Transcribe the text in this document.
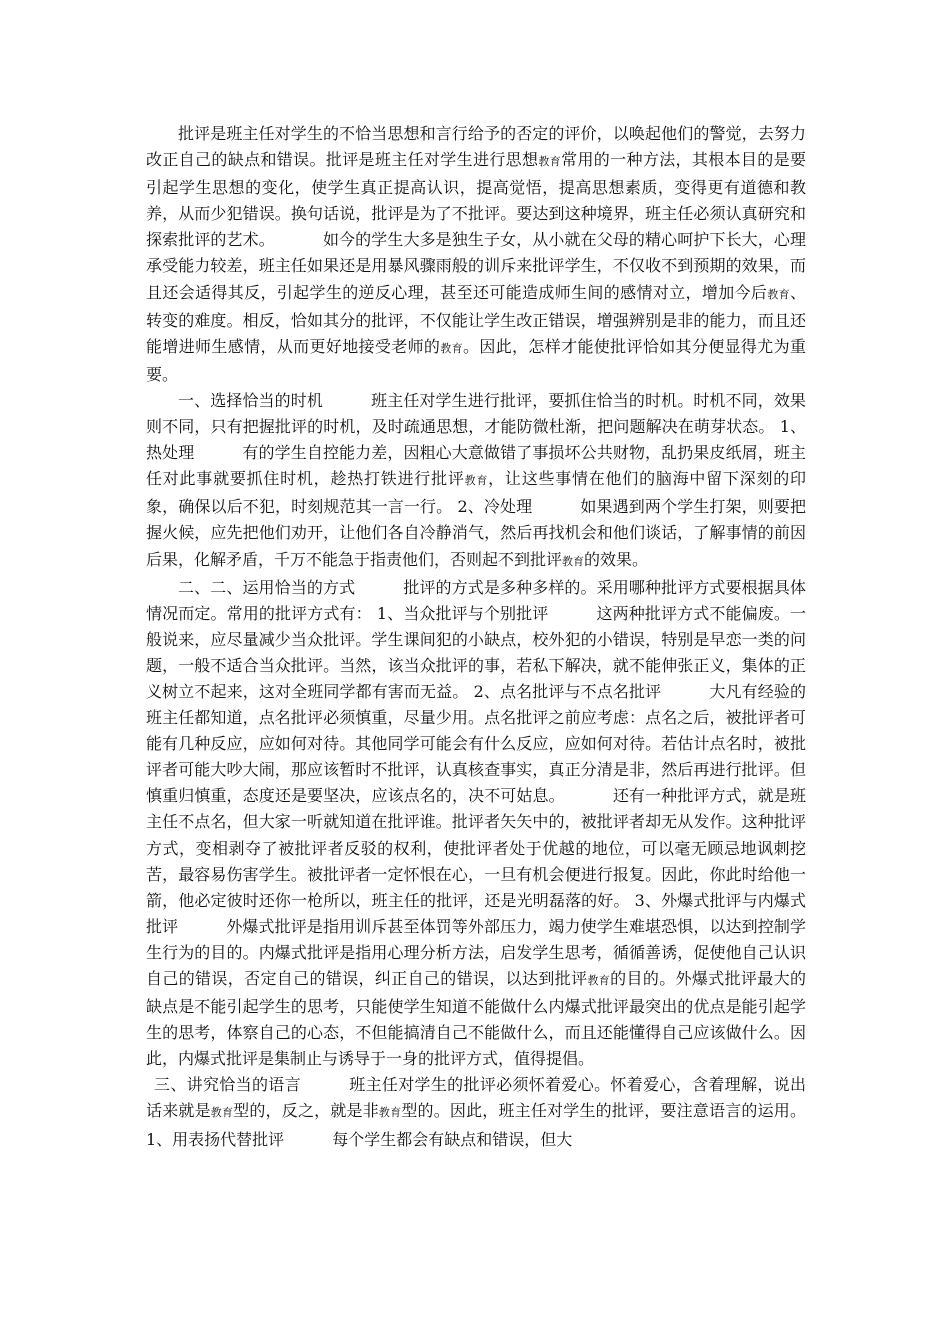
批评是班主任对学生的不恰当思想和言行给予的否定的评价，以唤起他们的警觉，去努力改正自己的缺点和错误。批评是班主任对学生进行思想教育常用的一种方法，其根本目的是要引起学生思想的变化，使学生真正提高认识，提高觉悟，提高思想素质，变得更有道德和教养，从而少犯错误。换句话说，批评是为了不批评。要达到这种境界，班主任必须认真研究和探索批评的艺术。	如今的学生大多是独生子女，从小就在父母的精心呵护下长大，心理承受能力较差，班主任如果还是用暴风骤雨般的训斥来批评学生，不仅收不到预期的效果，而且还会适得其反，引起学生的逆反心理，甚至还可能造成师生间的感情对立，增加今后教育、转变的难度。相反，恰如其分的批评，不仅能让学生改正错误，增强辨别是非的能力，而且还能增进师生感情，从而更好地接受老师的教育。因此，怎样才能使批评恰如其分便显得尤为重要。

一、选择恰当的时机	班主任对学生进行批评，要抓住恰当的时机。时机不同，效果则不同，只有把握批评的时机，及时疏通思想，才能防微杜渐，把问题解决在萌芽状态。 1、热处理	有的学生自控能力差，因粗心大意做错了事损坏公共财物，乱扔果皮纸屑，班主任对此事就要抓住时机，趁热打铁进行批评教育，让这些事情在他们的脑海中留下深刻的印象，确保以后不犯，时刻规范其一言一行。 2、冷处理	如果遇到两个学生打架，则要把握火候，应先把他们劝开，让他们各自冷静消气，然后再找机会和他们谈话，了解事情的前因后果，化解矛盾，千万不能急于指责他们，否则起不到批评教育的效果。

二、二、运用恰当的方式	批评的方式是多种多样的。采用哪种批评方式要根据具体情况而定。常用的批评方式有： 1、当众批评与个别批评	这两种批评方式不能偏废。一般说来，应尽量减少当众批评。学生课间犯的小缺点，校外犯的小错误，特别是早恋一类的问题，一般不适合当众批评。当然，该当众批评的事，若私下解决，就不能伸张正义，集体的正义树立不起来，这对全班同学都有害而无益。 2、点名批评与不点名批评	大凡有经验的班主任都知道，点名批评必须慎重，尽量少用。点名批评之前应考虑：点名之后，被批评者可能有几种反应，应如何对待。其他同学可能会有什么反应，应如何对待。若估计点名时，被批评者可能大吵大闹，那应该暂时不批评，认真核查事实，真正分清是非，然后再进行批评。但慎重归慎重，态度还是要坚决，应该点名的，决不可姑息。	还有一种批评方式，就是班主任不点名，但大家一听就知道在批评谁。批评者矢矢中的，被批评者却无从发作。这种批评方式，变相剥夺了被批评者反驳的权利，使批评者处于优越的地位，可以毫无顾忌地讽刺挖苦，最容易伤害学生。被批评者一定怀恨在心，一旦有机会便进行报复。因此，你此时给他一箭，他必定彼时还你一枪所以，班主任的批评，还是光明磊落的好。 3、外爆式批评与内爆式批评	外爆式批评是指用训斥甚至体罚等外部压力，竭力使学生难堪恐惧，以达到控制学生行为的目的。内爆式批评是指用心理分析方法，启发学生思考，循循善诱，促使他自己认识自己的错误，否定自己的错误，纠正自己的错误，以达到批评教育的目的。外爆式批评最大的缺点是不能引起学生的思考，只能使学生知道不能做什么内爆式批评最突出的优点是能引起学生的思考，体察自己的心态，不但能搞清自己不能做什么，而且还能懂得自己应该做什么。因此，内爆式批评是集制止与诱导于一身的批评方式，值得提倡。

三、讲究恰当的语言	班主任对学生的批评必须怀着爱心。怀着爱心，含着理解，说出话来就是教育型的，反之，就是非教育型的。因此，班主任对学生的批评，要注意语言的运用。 1、用表扬代替批评	每个学生都会有缺点和错误，但大
